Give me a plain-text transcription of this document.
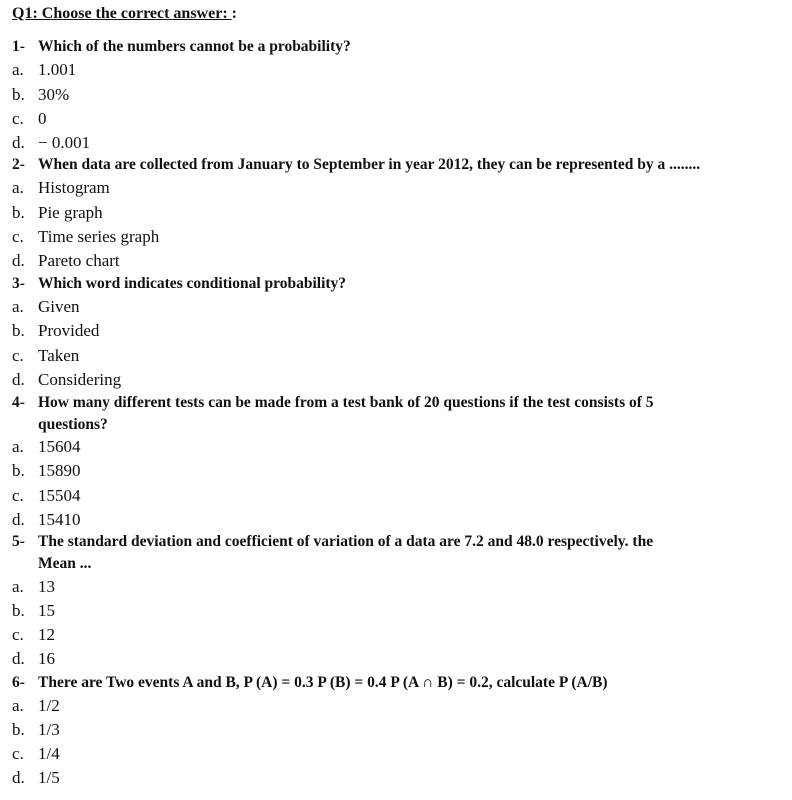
Q1: Choose the correct answer: :
1- Which of the numbers cannot be a probability?
a. 1.001
b. 30%
c. 0
d. − 0.001
2- When data are collected from January to September in year 2012, they can be represented by a ........
a. Histogram
b. Pie graph
c. Time series graph
d. Pareto chart
3- Which word indicates conditional probability?
a. Given
b. Provided
c. Taken
d. Considering
4- How many different tests can be made from a test bank of 20 questions if the test consists of 5
questions?
a. 15604
b. 15890
c. 15504
d. 15410
5- The standard deviation and coefficient of variation of a data are 7.2 and 48.0 respectively. the
Mean ...
a. 13
b. 15
c. 12
d. 16
6- There are Two events A and B, P (A) = 0.3 P (B) = 0.4 P (A ∩ B) = 0.2, calculate P (A/B)
a. 1/2
b. 1/3
c. 1/4
d. 1/5
